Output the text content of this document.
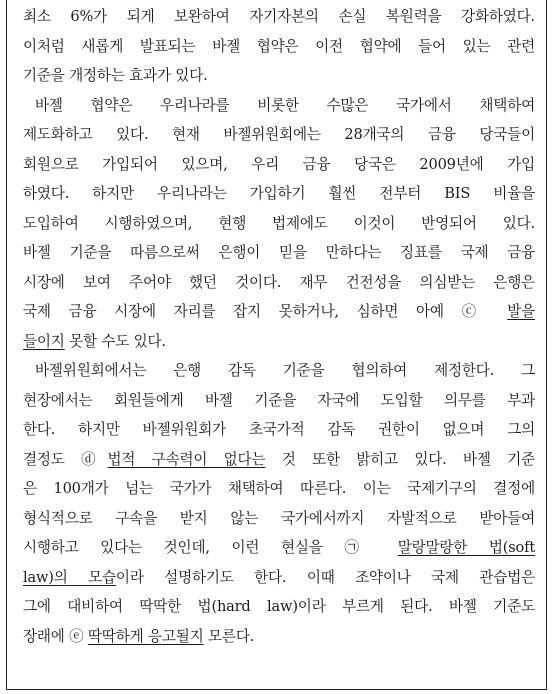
최소 6%가 되게 보완하여 자기자본의 손실 복원력을 강화하였다.
이처럼 새롭게 발표되는 바젤 협약은 이전 협약에 들어 있는 관련
기준을 개정하는 효과가 있다.
바젤 협약은 우리나라를 비롯한 수많은 국가에서 채택하여
제도화하고 있다. 현재 바젤위원회에는 28개국의 금융 당국들이
회원으로 가입되어 있으며, 우리 금융 당국은 2009년에 가입
하였다. 하지만 우리나라는 가입하기 훨씬 전부터 BIS 비율을
도입하여 시행하였으며, 현행 법제에도 이것이 반영되어 있다.
바젤 기준을 따름으로써 은행이 믿을 만하다는 징표를 국제 금융
시장에 보여 주어야 했던 것이다. 재무 건전성을 의심받는 은행은
국제 금융 시장에 자리를 잡지 못하거나, 심하면 아예 ⓒ 발을
들이지 못할 수도 있다.
바젤위원회에서는 은행 감독 기준을 협의하여 제정한다. 그
현장에서는 회원들에게 바젤 기준을 자국에 도입할 의무를 부과
한다. 하지만 바젤위원회가 초국가적 감독 권한이 없으며 그의
결정도 ⓓ법적 구속력이 없다는 것 또한 밝히고 있다. 바젤 기준
은 100개가 넘는 국가가 채택하여 따른다. 이는 국제기구의 결정에
형식적으로 구속을 받지 않는 국가에서까지 자발적으로 받아들여
시행하고 있다는 것인데, 이런 현실을 ㉠ 말랑말랑한 법(soft
law)의 모습이라 설명하기도 한다. 이때 조약이나 국제 관습법은
그에 대비하여 딱딱한 법(hard law)이라 부르게 된다. 바젤 기준도
장래에 ⓔ 딱딱하게 응고될지 모른다.
